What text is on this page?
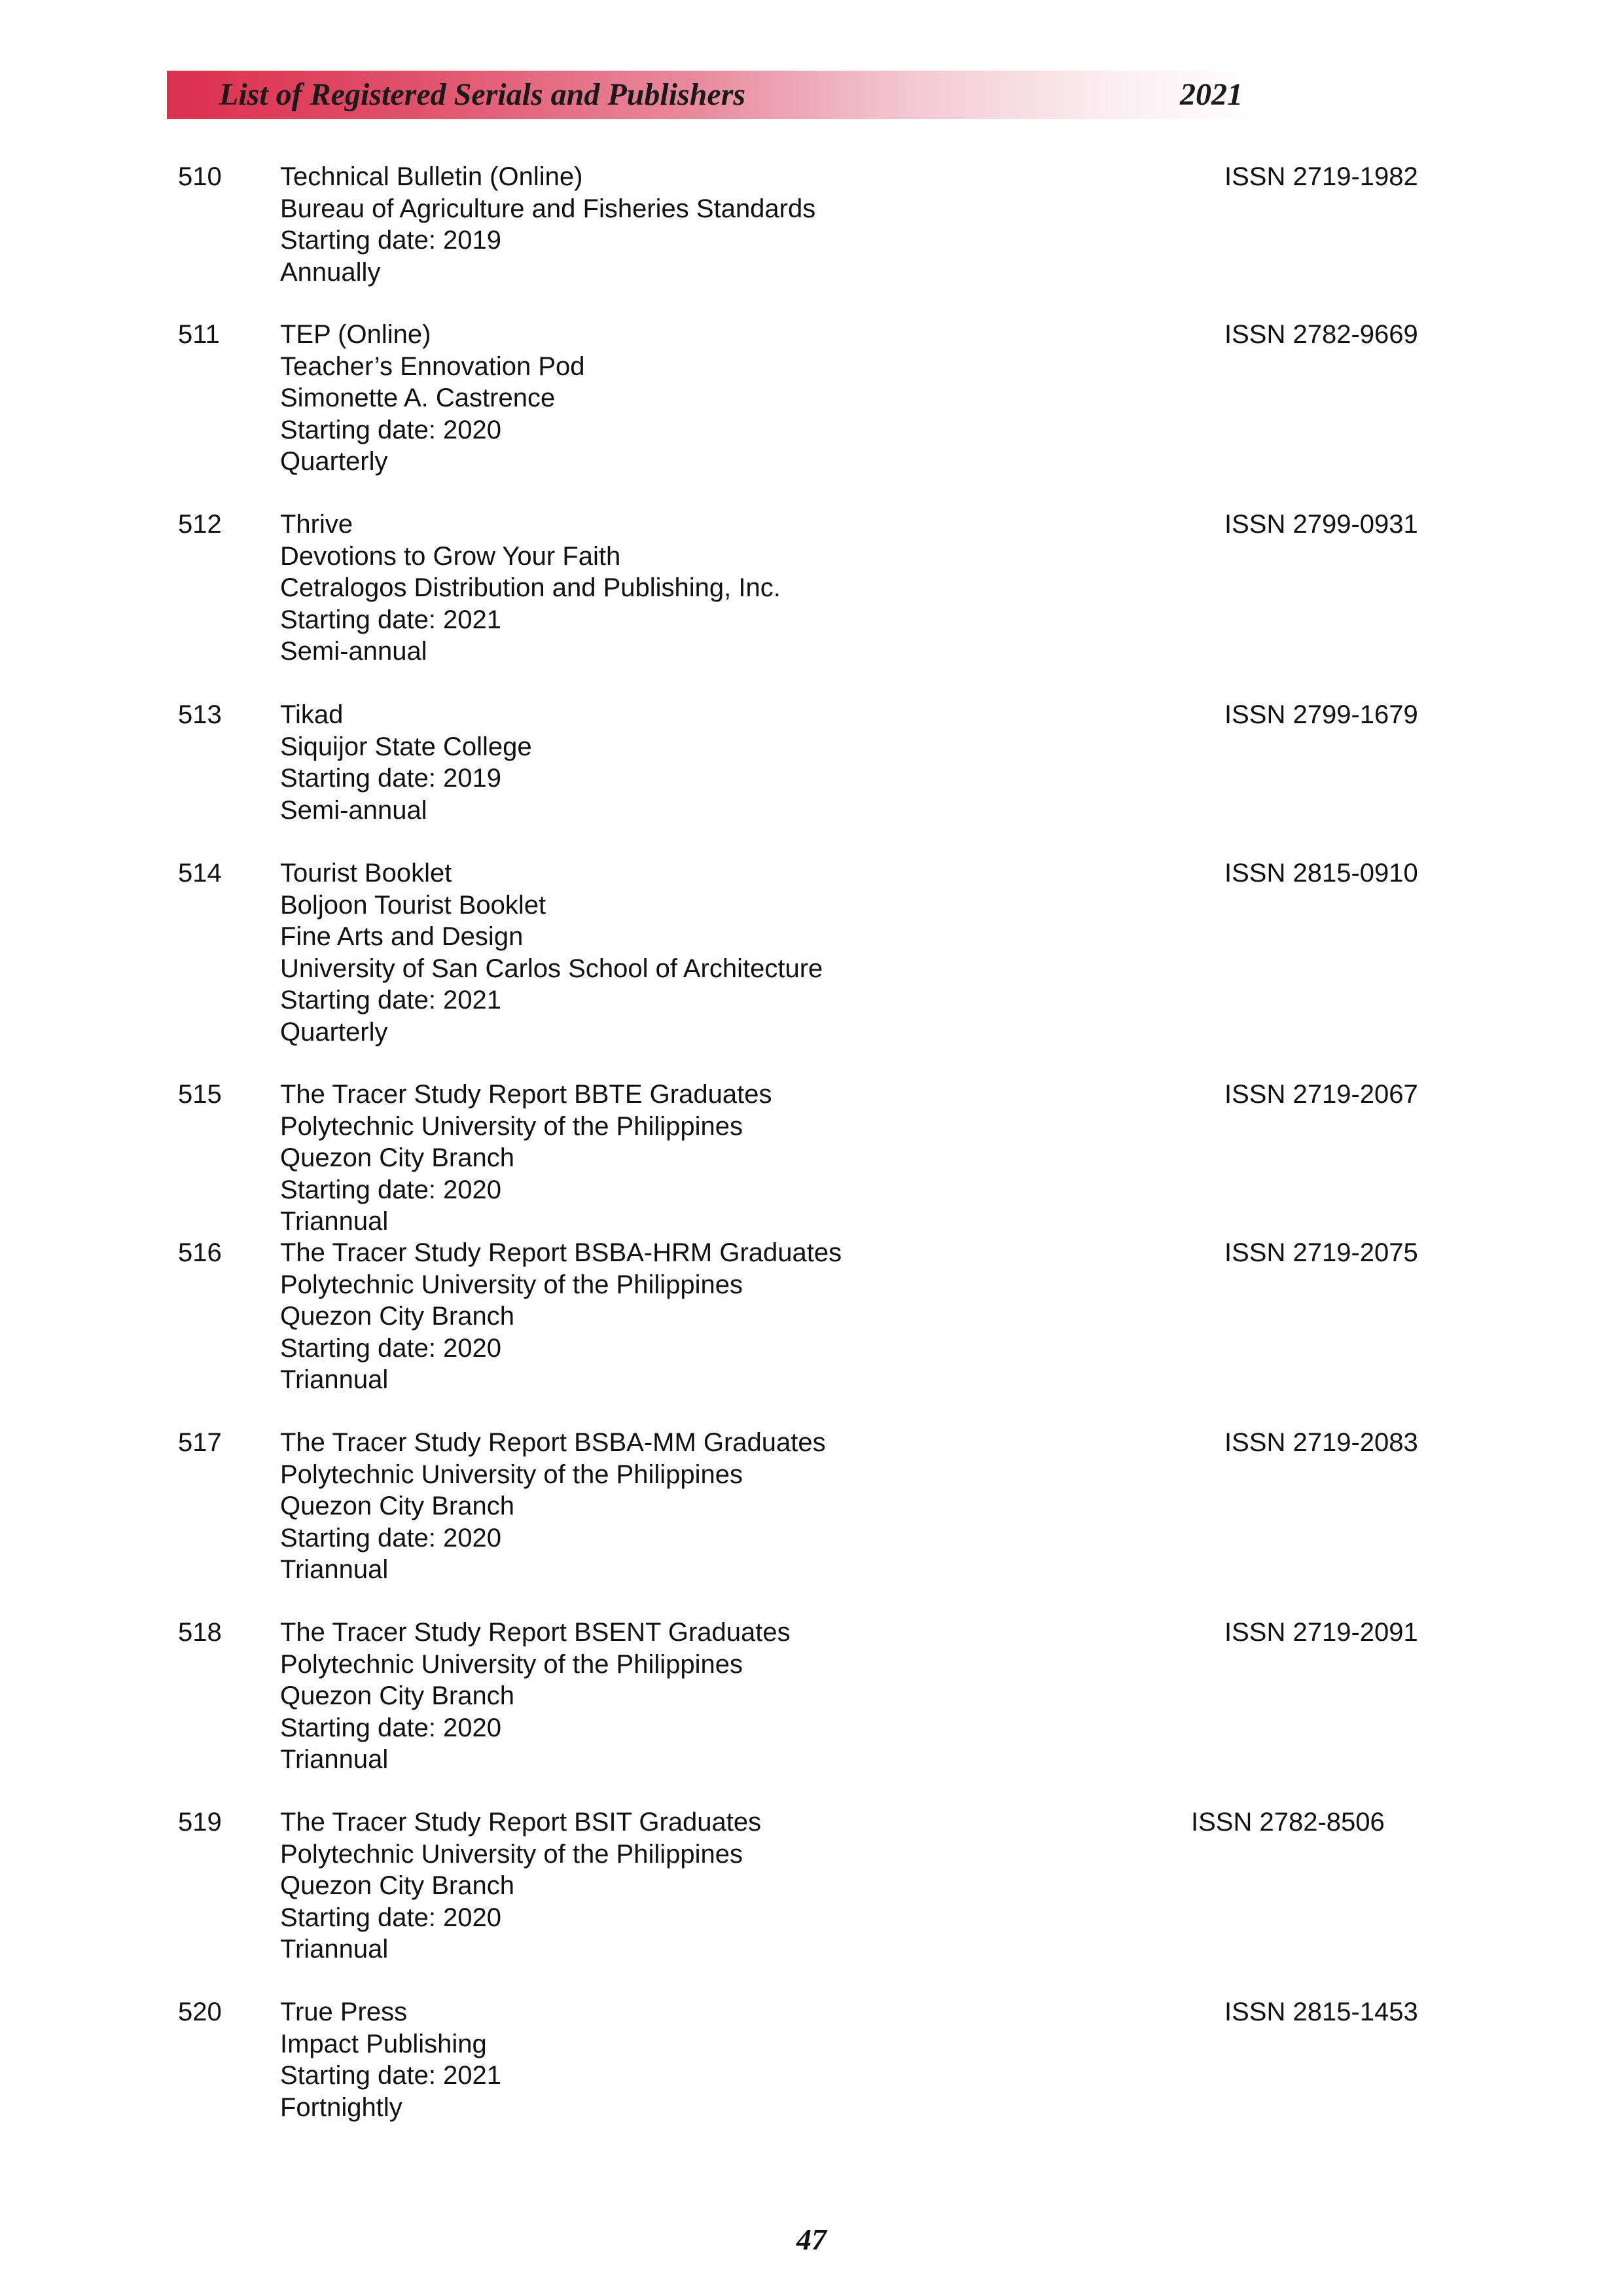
List of Registered Serials and Publishers	2021
510 Technical Bulletin (Online)
Bureau of Agriculture and Fisheries Standards
Starting date: 2019
Annually
ISSN 2719-1982
511 TEP (Online)
Teacher’s Ennovation Pod
Simonette A. Castrence
Starting date: 2020
Quarterly
ISSN 2782-9669
512 Thrive
Devotions to Grow Your Faith
Cetralogos Distribution and Publishing, Inc.
Starting date: 2021
Semi-annual
ISSN 2799-0931
513 Tikad
Siquijor State College
Starting date: 2019
Semi-annual
ISSN 2799-1679
514 Tourist Booklet
Boljoon Tourist Booklet
Fine Arts and Design
University of San Carlos School of Architecture
Starting date: 2021
Quarterly
ISSN 2815-0910
515 The Tracer Study Report BBTE Graduates
Polytechnic University of the Philippines
Quezon City Branch
Starting date: 2020
Triannual
ISSN 2719-2067
516 The Tracer Study Report BSBA-HRM Graduates
Polytechnic University of the Philippines
Quezon City Branch
Starting date: 2020
Triannual
ISSN 2719-2075
517 The Tracer Study Report BSBA-MM Graduates
Polytechnic University of the Philippines
Quezon City Branch
Starting date: 2020
Triannual
ISSN 2719-2083
518 The Tracer Study Report BSENT Graduates
Polytechnic University of the Philippines
Quezon City Branch
Starting date: 2020
Triannual
ISSN 2719-2091
519 The Tracer Study Report BSIT Graduates
Polytechnic University of the Philippines
Quezon City Branch
Starting date: 2020
Triannual
ISSN 2782-8506
520 True Press
Impact Publishing
Starting date: 2021
Fortnightly
ISSN 2815-1453
47
